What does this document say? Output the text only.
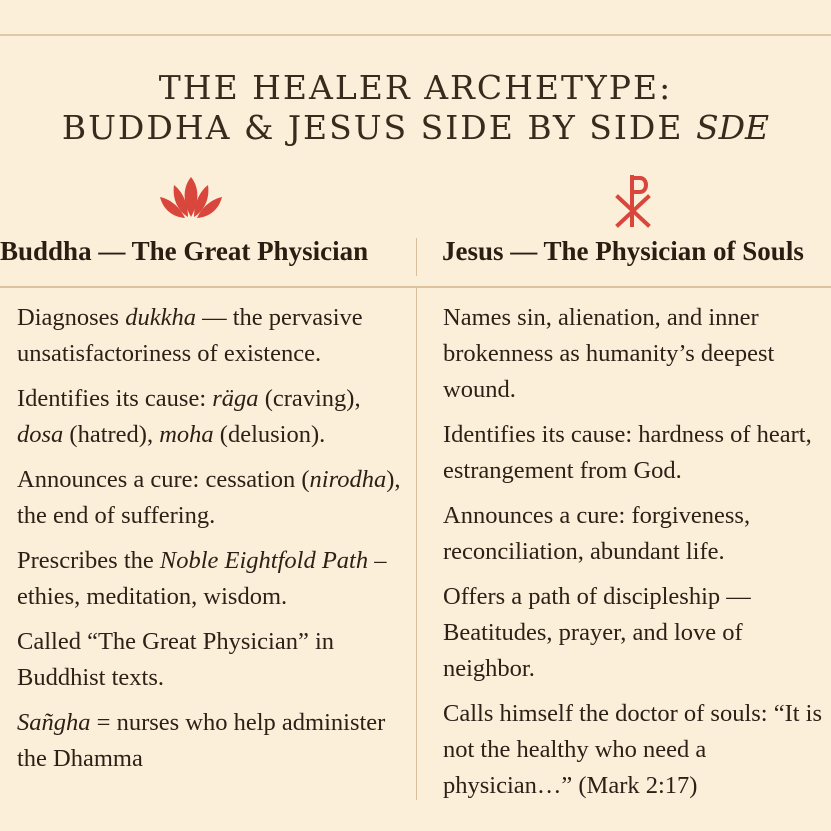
THE HEALER ARCHETYPE:
BUDDHA & JESUS SIDE BY SIDE SDE
Buddha — The Great Physician	Jesus — The Physician of Souls
Diagnoses dukkha — the pervasive unsatisfactoriness of existence.
Identifies its cause: räga (craving), dosa (hatred), moha (delusion).
Announces a cure: cessation (nirodha), the end of suffering.
Prescribes the Noble Eightfold Path – ethies, meditation, wisdom.
Called “The Great Physician” in Buddhist texts.
Sañgha = nurses who help administer the Dhamma
Names sin, alienation, and inner brokenness as humanity’s deepest wound.
Identifies its cause: hardness of heart, estrangement from God.
Announces a cure: forgiveness, reconciliation, abundant life.
Offers a path of discipleship — Beatitudes, prayer, and love of neighbor.
Calls himself the doctor of souls: “It is not the healthy who need a physician…” (Mark 2:17)
